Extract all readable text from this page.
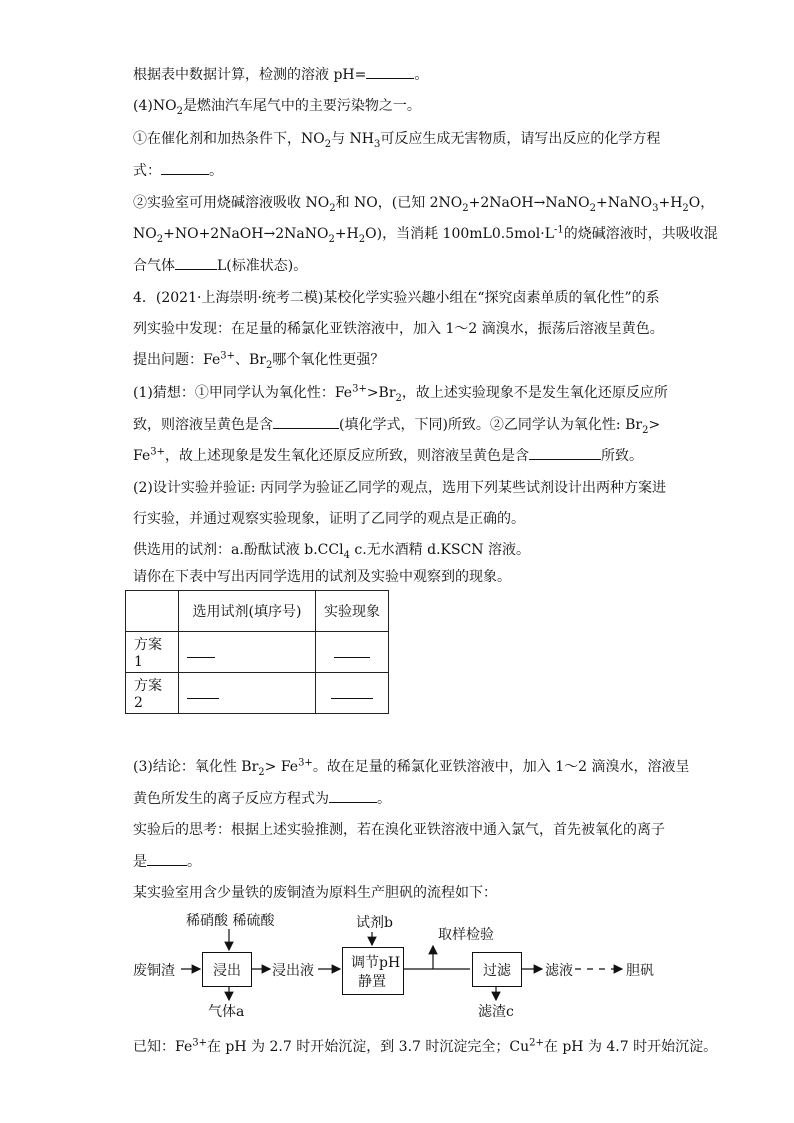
根据表中数据计算，检测的溶液 pH=	。
$(4)NO_2$是燃油汽车尾气中的主要污染物之一。
①在催化剂和加热条件下，$NO_2$与 $NH_3$可反应生成无害物质，请写出反应的化学方程
式：	。
②实验室可用烧碱溶液吸收 $NO_2$和 NO，(已知 $2NO_2+2NaOH\to NaNO_2+NaNO_3+H_2O$，
$NO_2+NO+2NaOH\to 2NaNO_2+H_2O$)，当消耗 $100mL0.5mol\cdot L^{-1}$的烧碱溶液时，共吸收混
合气体	L(标准状态)。
4．(2021·上海崇明·统考二模)某校化学实验兴趣小组在“探究卤素单质的氧化性”的系
列实验中发现：在足量的稀氯化亚铁溶液中，加入 1～2 滴溴水，振荡后溶液呈黄色。
提出问题：$Fe^{3+}$、$Br_2$哪个氧化性更强？
(1)猜想：①甲同学认为氧化性：$Fe^{3+}>Br_2$，故上述实验现象不是发生氧化还原反应所
致，则溶液呈黄色是含	(填化学式，下同)所致。②乙同学认为氧化性: $Br_2>$
$Fe^{3+}$，故上述现象是发生氧化还原反应所致，则溶液呈黄色是含	所致。
(2)设计实验并验证: 丙同学为验证乙同学的观点，选用下列某些试剂设计出两种方案进
行实验，并通过观察实验现象，证明了乙同学的观点是正确的。
供选用的试剂：a.酚酞试液 b.CCl$_4$ c.无水酒精 d.KSCN 溶液。
请你在下表中写出丙同学选用的试剂及实验中观察到的现象。
(3)结论：氧化性 $Br_2> Fe^{3+}$。故在足量的稀氯化亚铁溶液中，加入 1～2 滴溴水，溶液呈
黄色所发生的离子反应方程式为	。
实验后的思考：根据上述实验推测，若在溴化亚铁溶液中通入氯气，首先被氧化的离子
是	。
某实验室用含少量铁的废铜渣为原料生产胆矾的流程如下：
已知：$Fe^{3+}$在 pH 为 2.7 时开始沉淀，到 3.7 时沉淀完全；$Cu^{2+}$在 pH 为 4.7 时开始沉淀。
	选用试剂(填序号)	实验现象
方案 1		
方案 2		
稀硝酸 稀硫酸
废铜渣	浸出
气体a
浸出液
试剂b
调节pH
静置
取样检验
过滤
滤渣c
滤液	胆矾
